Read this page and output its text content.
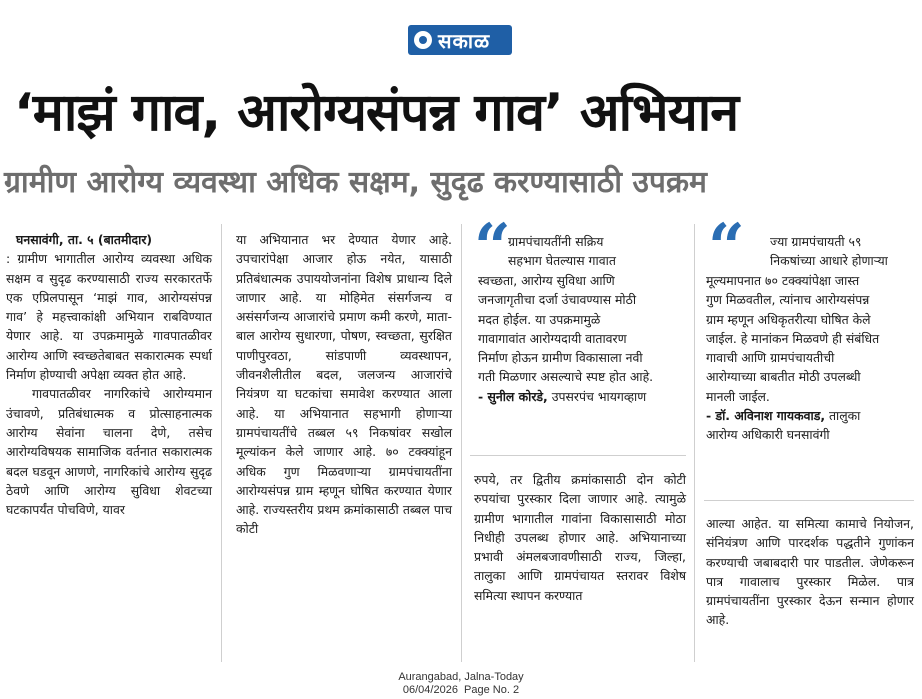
सकाळ
‘माझं गाव, आरोग्यसंपन्न गाव’ अभियान
ग्रामीण आरोग्य व्यवस्था अधिक सक्षम, सुदृढ करण्यासाठी उपक्रम

घनसावंगी, ता. ५ (बातमीदार)

: ग्रामीण भागातील आरोग्य व्यवस्था अधिक सक्षम व सुदृढ करण्यासाठी राज्य सरकारतर्फे एक एप्रिलपासून ‘माझं गाव, आरोग्यसंपन्न गाव’ हे महत्त्वाकांक्षी अभियान राबविण्यात येणार आहे. या उपक्रमामुळे गावपातळीवर आरोग्य आणि स्वच्छतेबाबत सकारात्मक स्पर्धा निर्माण होण्याची अपेक्षा व्यक्त होत आहे.

गावपातळीवर नागरिकांचे आरोग्यमान उंचावणे, प्रतिबंधात्मक व प्रोत्साहनात्मक आरोग्य सेवांना चालना देणे, तसेच आरोग्यविषयक सामाजिक वर्तनात सकारात्मक बदल घडवून आणणे, नागरिकांचे आरोग्य सुदृढ ठेवणे आणि आरोग्य सुविधा शेवटच्या घटकापर्यंत पोचविणे, यावर

या अभियानात भर देण्यात येणार आहे. उपचारांपेक्षा आजार होऊ नयेत, यासाठी प्रतिबंधात्मक उपाययोजनांना विशेष प्राधान्य दिले जाणार आहे. या मोहिमेत संसर्गजन्य व असंसर्गजन्य आजारांचे प्रमाण कमी करणे, माता-बाल आरोग्य सुधारणा, पोषण, स्वच्छता, सुरक्षित पाणीपुरवठा, सांडपाणी व्यवस्थापन, जीवनशैलीतील बदल, जलजन्य आजारांचे नियंत्रण या घटकांचा समावेश करण्यात आला आहे. या अभियानात सहभागी होणाऱ्या ग्रामपंचायतींचे तब्बल ५९ निकषांवर सखोल मूल्यांकन केले जाणार आहे. ७० टक्क्यांहून अधिक गुण मिळवणाऱ्या ग्रामपंचायतींना आरोग्यसंपन्न ग्राम म्हणून घोषित करण्यात येणार आहे. राज्यस्तरीय प्रथम क्रमांकासाठी तब्बल पाच कोटी

“
ग्रामपंचायतींनी सक्रिय
सहभाग घेतल्यास गावात
स्वच्छता, आरोग्य सुविधा आणि
जनजागृतीचा दर्जा उंचावण्यास मोठी
मदत होईल. या उपक्रमामुळे
गावागावांत आरोग्यदायी वातावरण
निर्माण होऊन ग्रामीण विकासाला नवी
गती मिळणार असल्याचे स्पष्ट होत आहे.
- सुनील कोरडे, उपसरपंच भायगव्हाण

रुपये, तर द्वितीय क्रमांकासाठी दोन कोटी रुपयांचा पुरस्कार दिला जाणार आहे. त्यामुळे ग्रामीण भागातील गावांना विकासासाठी मोठा निधीही उपलब्ध होणार आहे. अभियानाच्या प्रभावी अंमलबजावणीसाठी राज्य, जिल्हा, तालुका आणि ग्रामपंचायत स्तरावर विशेष समित्या स्थापन करण्यात

“ ज्या ग्रामपंचायती ५९
निकषांच्या आधारे होणाऱ्या
मूल्यमापनात ७० टक्क्यांपेक्षा जास्त
गुण मिळवतील, त्यांनाच आरोग्यसंपन्न
ग्राम म्हणून अधिकृतरीत्या घोषित केले
जाईल. हे मानांकन मिळवणे ही संबंधित
गावाची आणि ग्रामपंचायतीची
आरोग्याच्या बाबतीत मोठी उपलब्धी
मानली जाईल.
- डॉ. अविनाश गायकवाड, तालुका
आरोग्य अधिकारी घनसावंगी

आल्या आहेत. या समित्या कामाचे नियोजन, संनियंत्रण आणि पारदर्शक पद्धतीने गुणांकन करण्याची जबाबदारी पार पाडतील. जेणेकरून पात्र गावालाच पुरस्कार मिळेल. पात्र ग्रामपंचायतींना पुरस्कार देऊन सन्मान होणार आहे.

Aurangabad, Jalna-Today
06/04/2026  Page No. 2
